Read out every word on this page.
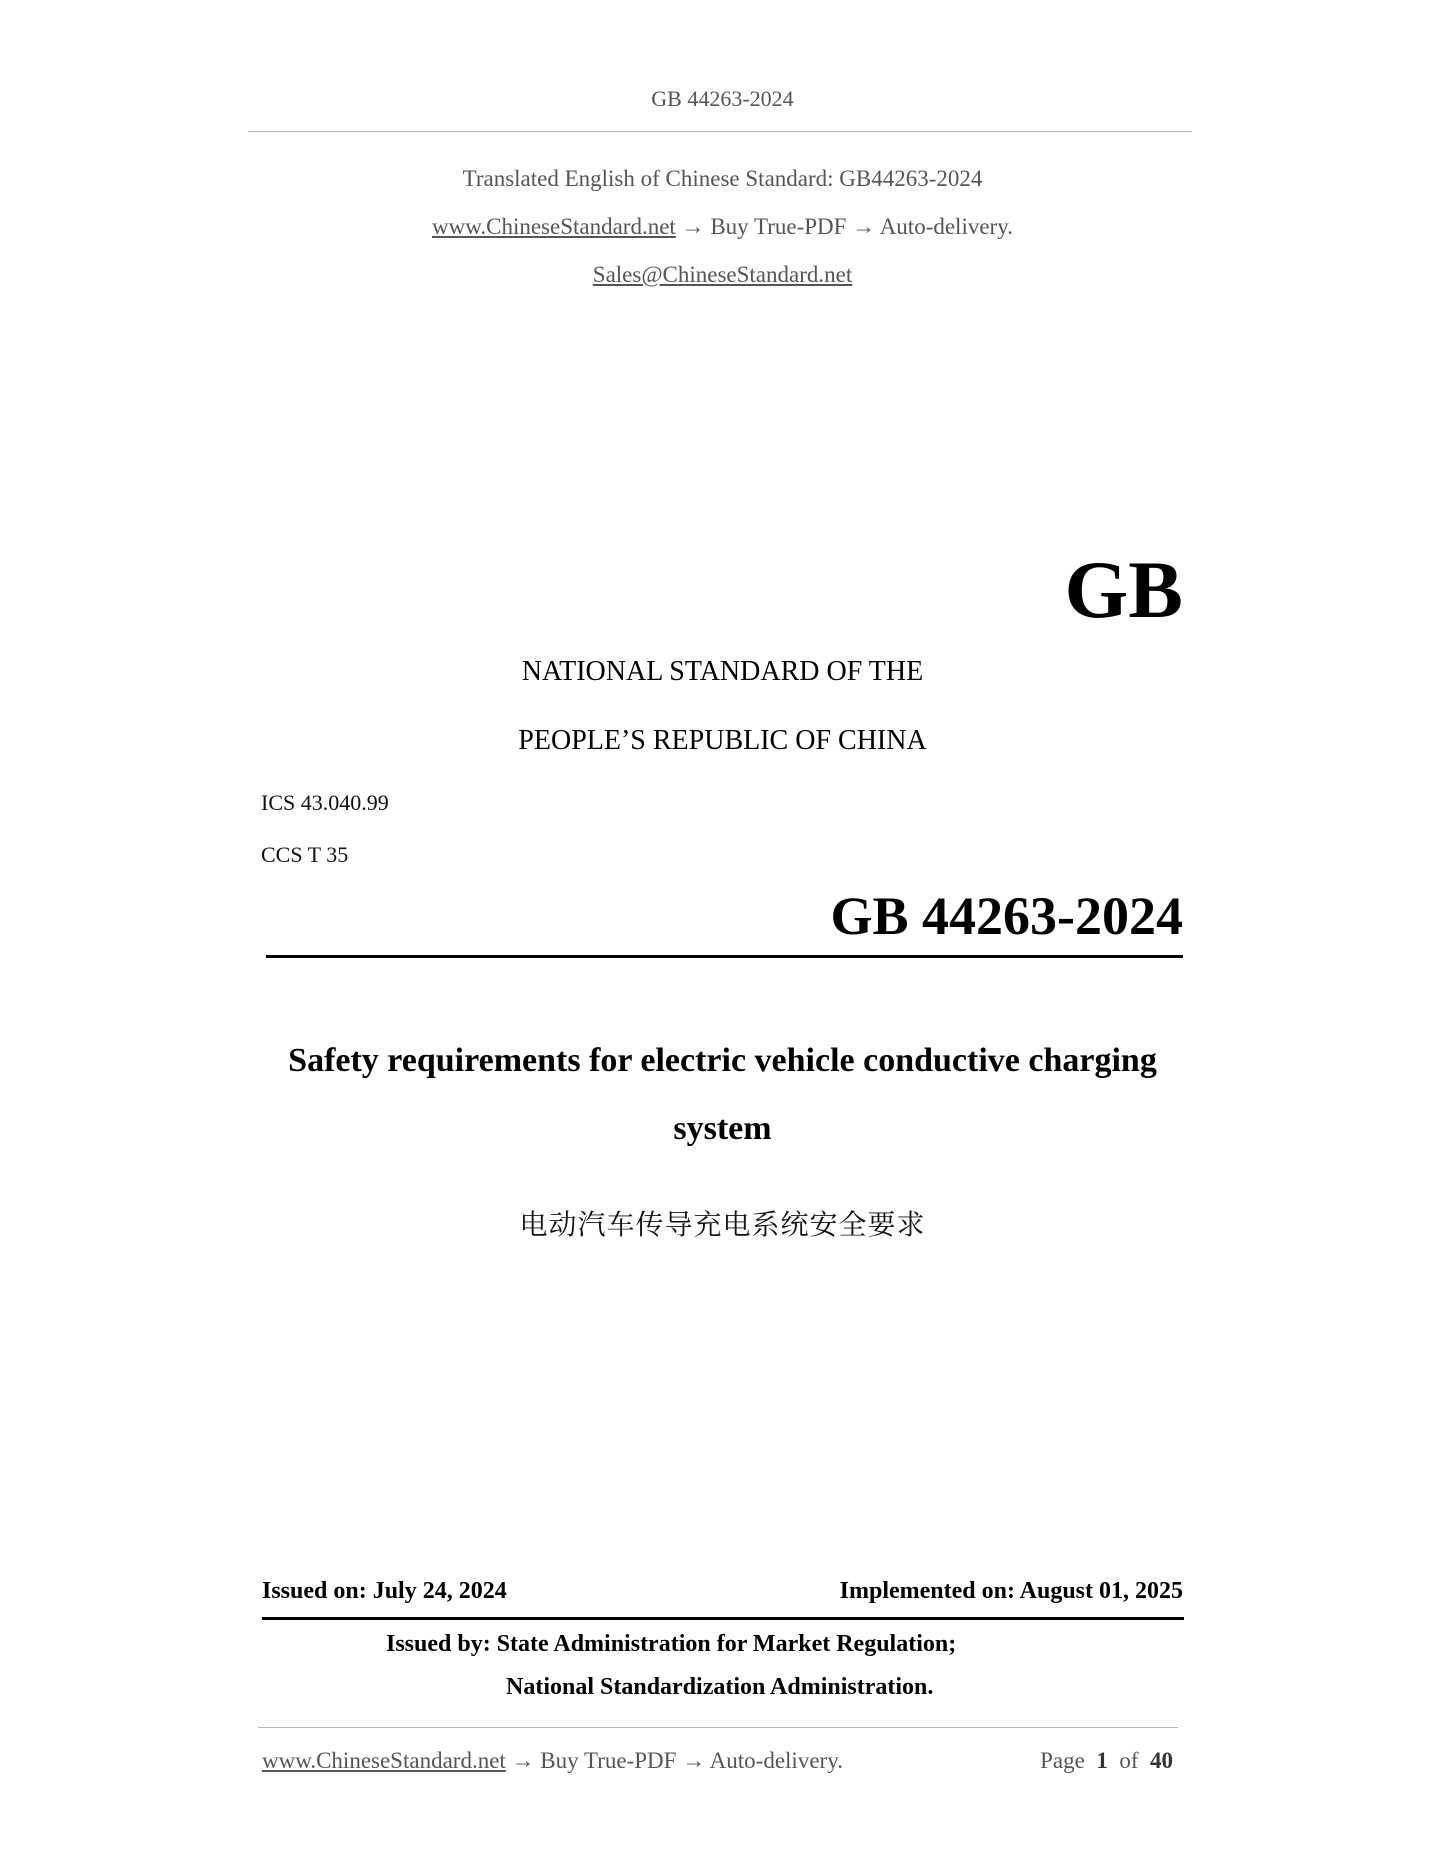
GB 44263-2024
Translated English of Chinese Standard: GB44263-2024
www.ChineseStandard.net → Buy True-PDF → Auto-delivery.
Sales@ChineseStandard.net
GB
NATIONAL STANDARD OF THE
PEOPLE’S REPUBLIC OF CHINA
ICS 43.040.99
CCS T 35
GB 44263-2024
Safety requirements for electric vehicle conductive charging
system
电动汽车传导充电系统安全要求
Issued on: July 24, 2024	Implemented on: August 01, 2025
Issued by: State Administration for Market Regulation;
National Standardization Administration.
www.ChineseStandard.net → Buy True-PDF → Auto-delivery.	Page 1 of 40
